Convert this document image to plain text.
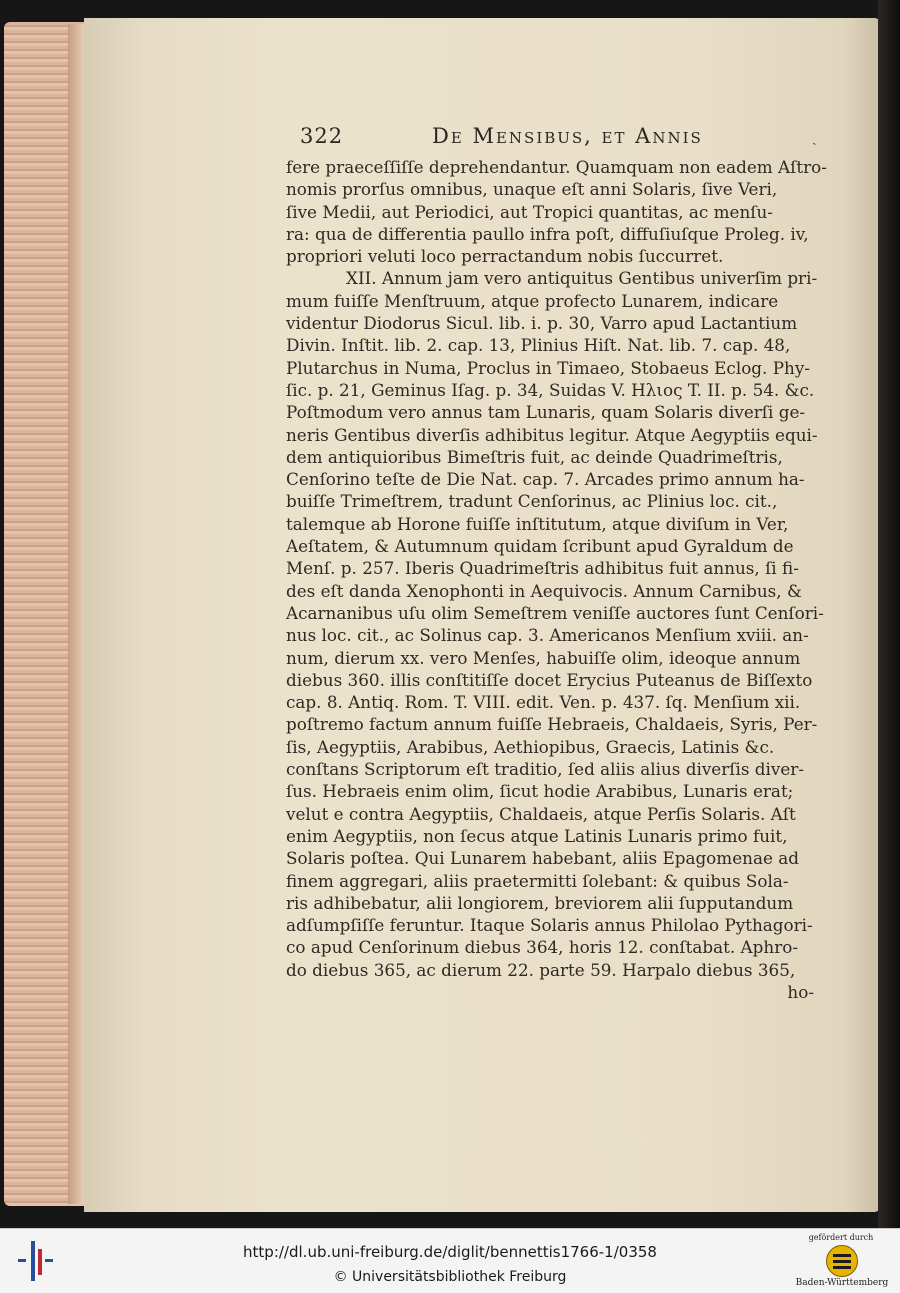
322	De Mensibus, et Annis	ˎ
fere praeceſſiſſe deprehendantur. Quamquam non eadem Aſtro-
nomis prorſus omnibus, unaque eſt anni Solaris, ſive Veri,
ſive Medii, aut Periodici, aut Tropici quantitas, ac menſu-
ra: qua de differentia paullo infra poſt, diffuſiuſque Proleg. iv,
propriori veluti loco perractandum nobis ſuccurret.
XII. Annum jam vero antiquitus Gentibus univerſim pri-
mum fuiſſe Menſtruum, atque profecto Lunarem, indicare
videntur Diodorus Sicul. lib. i. p. 30, Varro apud Lactantium
Divin. Inſtit. lib. 2. cap. 13, Plinius Hiſt. Nat. lib. 7. cap. 48,
Plutarchus in Numa, Proclus in Timaeo, Stobaeus Eclog. Phy-
ſic. p. 21, Geminus Iſag. p. 34, Suidas V. Ηλιος T. II. p. 54. &c.
Poſtmodum vero annus tam Lunaris, quam Solaris diverſi ge-
neris Gentibus diverſis adhibitus legitur. Atque Aegyptiis equi-
dem antiquioribus Bimeſtris fuit, ac deinde Quadrimeſtris,
Cenſorino teſte de Die Nat. cap. 7. Arcades primo annum ha-
buiſſe Trimeſtrem, tradunt Cenſorinus, ac Plinius loc. cit.,
talemque ab Horone fuiſſe inſtitutum, atque diviſum in Ver,
Aeſtatem, & Autumnum quidam ſcribunt apud Gyraldum de
Menſ. p. 257. Iberis Quadrimeſtris adhibitus fuit annus, ſi fi-
des eſt danda Xenophonti in Aequivocis. Annum Carnibus, &
Acarnanibus uſu olim Semeſtrem veniſſe auctores ſunt Cenſori-
nus loc. cit., ac Solinus cap. 3. Americanos Menſium xviii. an-
num, dierum xx. vero Menſes, habuiſſe olim, ideoque annum
diebus 360. illis conſtitiſſe docet Erycius Puteanus de Biſſexto
cap. 8. Antiq. Rom. T. VIII. edit. Ven. p. 437. ſq. Menſium xii.
poſtremo factum annum fuiſſe Hebraeis, Chaldaeis, Syris, Per-
ſis, Aegyptiis, Arabibus, Aethiopibus, Graecis, Latinis &c.
conſtans Scriptorum eſt traditio, ſed aliis alius diverſis diver-
ſus. Hebraeis enim olim, ſicut hodie Arabibus, Lunaris erat;
velut e contra Aegyptiis, Chaldaeis, atque Perſis Solaris. Aſt
enim Aegyptiis, non ſecus atque Latinis Lunaris primo fuit,
Solaris poſtea. Qui Lunarem habebant, aliis Epagomenae ad
finem aggregari, aliis praetermitti ſolebant: & quibus Sola-
ris adhibebatur, alii longiorem, breviorem alii ſupputandum
adſumpſiſſe feruntur. Itaque Solaris annus Philolao Pythagori-
co apud Cenſorinum diebus 364, horis 12. conſtabat. Aphro-
do diebus 365, ac dierum 22. parte 59. Harpalo diebus 365,
ho-
http://dl.ub.uni-freiburg.de/diglit/bennettis1766-1/0358
© Universitätsbibliothek Freiburg
gefördert durch
Baden-Württemberg
